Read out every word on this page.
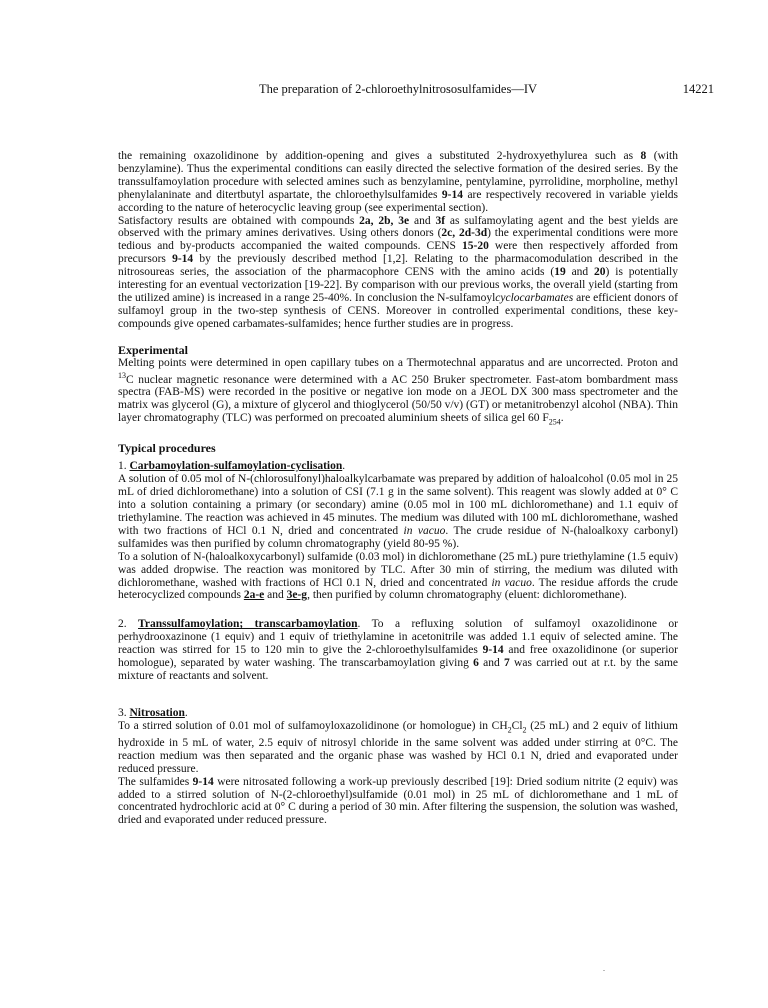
The preparation of 2-chloroethylnitrososulfamides—IV	14221

the remaining oxazolidinone by addition-opening and gives a substituted 2-hydroxyethylurea such as 8 (with benzylamine). Thus the experimental conditions can easily directed the selective formation of the desired series. By the transsulfamoylation procedure with selected amines such as benzylamine, pentylamine, pyrrolidine, morpholine, methyl phenylalaninate and ditertbutyl aspartate, the chloroethylsulfamides 9-14 are respectively recovered in variable yields according to the nature of heterocyclic leaving group (see experimental section).

Satisfactory results are obtained with compounds 2a, 2b, 3e and 3f as sulfamoylating agent and the best yields are observed with the primary amines derivatives. Using others donors (2c, 2d-3d) the experimental conditions were more tedious and by-products accompanied the waited compounds. CENS 15-20 were then respectively afforded from precursors 9-14 by the previously described method [1,2]. Relating to the pharmacomodulation described in the nitrosoureas series, the association of the pharmacophore CENS with the amino acids (19 and 20) is potentially interesting for an eventual vectorization [19-22]. By comparison with our previous works, the overall yield (starting from the utilized amine) is increased in a range 25-40%. In conclusion the N-sulfamoylcyclocarbamates are efficient donors of sulfamoyl group in the two-step synthesis of CENS. Moreover in controlled experimental conditions, these key-compounds give opened carbamates-sulfamides; hence further studies are in progress.

Experimental

Melting points were determined in open capillary tubes on a Thermotechnal apparatus and are uncorrected. Proton and $^{13}$C nuclear magnetic resonance were determined with a AC 250 Bruker spectrometer. Fast-atom bombardment mass spectra (FAB-MS) were recorded in the positive or negative ion mode on a JEOL DX 300 mass spectrometer and the matrix was glycerol (G), a mixture of glycerol and thioglycerol (50/50 v/v) (GT) or metanitrobenzyl alcohol (NBA). Thin layer chromatography (TLC) was performed on precoated aluminium sheets of silica gel 60 $F_{254}$.

Typical procedures

1. Carbamoylation-sulfamoylation-cyclisation.

A solution of 0.05 mol of N-(chlorosulfonyl)haloalkylcarbamate was prepared by addition of haloalcohol (0.05 mol in 25 mL of dried dichloromethane) into a solution of CSI (7.1 g in the same solvent). This reagent was slowly added at 0° C into a solution containing a primary (or secondary) amine (0.05 mol in 100 mL dichloromethane) and 1.1 equiv of triethylamine. The reaction was achieved in 45 minutes. The medium was diluted with 100 mL dichloromethane, washed with two fractions of HCl 0.1 N, dried and concentrated in vacuo. The crude residue of N-(haloalkoxy carbonyl) sulfamides was then purified by column chromatography (yield 80-95 %).

To a solution of N-(haloalkoxycarbonyl) sulfamide (0.03 mol) in dichloromethane (25 mL) pure triethylamine (1.5 equiv) was added dropwise. The reaction was monitored by TLC. After 30 min of stirring, the medium was diluted with dichloromethane, washed with fractions of HCl 0.1 N, dried and concentrated in vacuo. The residue affords the crude heterocyclized compounds 2a-e and 3e-g, then purified by column chromatography (eluent: dichloromethane).

2. Transsulfamoylation; transcarbamoylation. To a refluxing solution of sulfamoyl oxazolidinone or perhydrooxazinone (1 equiv) and 1 equiv of triethylamine in acetonitrile was added 1.1 equiv of selected amine. The reaction was stirred for 15 to 120 min to give the 2-chloroethylsulfamides 9-14 and free oxazolidinone (or superior homologue), separated by water washing. The transcarbamoylation giving 6 and 7 was carried out at r.t. by the same mixture of reactants and solvent.

3. Nitrosation.

To a stirred solution of 0.01 mol of sulfamoyloxazolidinone (or homologue) in $CH_2Cl_2$ (25 mL) and 2 equiv of lithium hydroxide in 5 mL of water, 2.5 equiv of nitrosyl chloride in the same solvent was added under stirring at 0°C. The reaction medium was then separated and the organic phase was washed by HCl 0.1 N, dried and evaporated under reduced pressure.

The sulfamides 9-14 were nitrosated following a work-up previously described [19]: Dried sodium nitrite (2 equiv) was added to a stirred solution of N-(2-chloroethyl)sulfamide (0.01 mol) in 25 mL of dichloromethane and 1 mL of concentrated hydrochloric acid at 0° C during a period of 30 min. After filtering the suspension, the solution was washed, dried and evaporated under reduced pressure.
